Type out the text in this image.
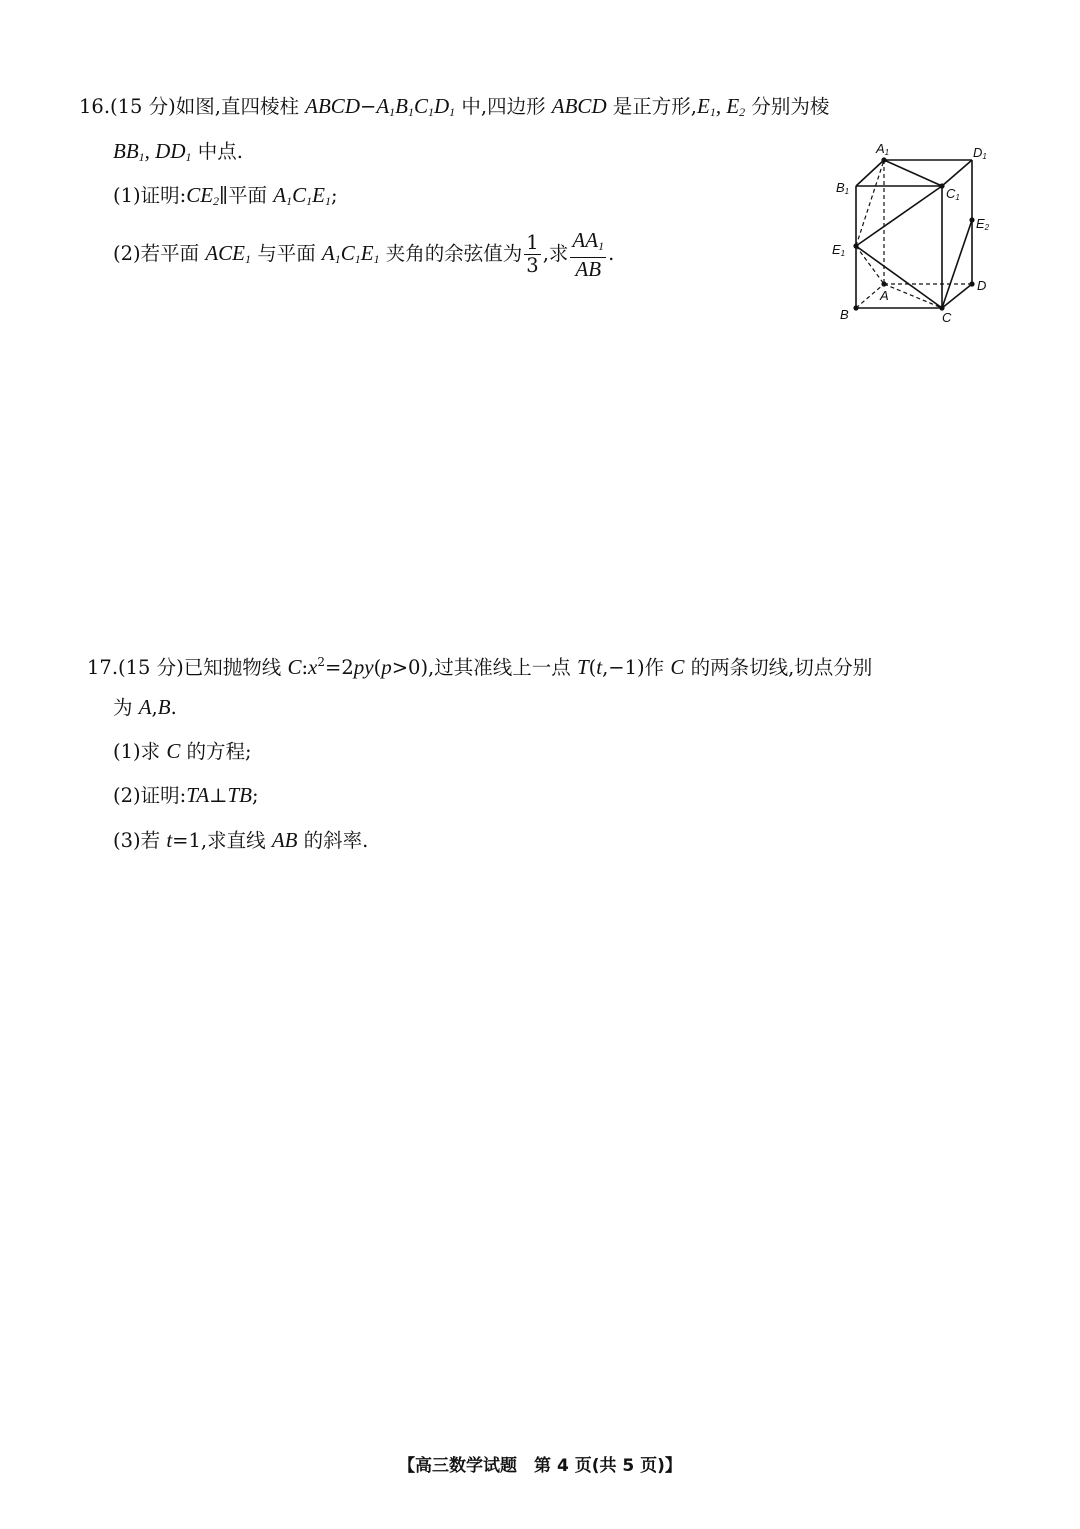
16.(15 分)如图,直四棱柱 $ABCD-A_1B_1C_1D_1$ 中,四边形 ABCD 是正方形$,E_1$, $E_2$ 分别为棱
$BB_1$, $DD_1$ 中点.
(1)证明$:CE_2\parallel$平面 $A_1C_1E_1$;
(2)若平面 $ACE_1$ 与平面 $A_1C_1E_1$ 夹角的余弦值为 $\frac{1}{3}$ ,求 $\frac{AA_1}{AB}$ .
A1	D1
B1	C1
E2
E1
A
D
B	C
17.(15 分)已知抛物线 $C:x^2=2py(p>0)$,过其准线上一点 T(t,−1)作 C 的两条切线,切点分别
为 A,B.
(1)求 C 的方程;
(2)证明:TA⊥TB;
(3)若 t=1,求直线 AB 的斜率.
【高三数学试题　第 4 页(共 5 页)】
